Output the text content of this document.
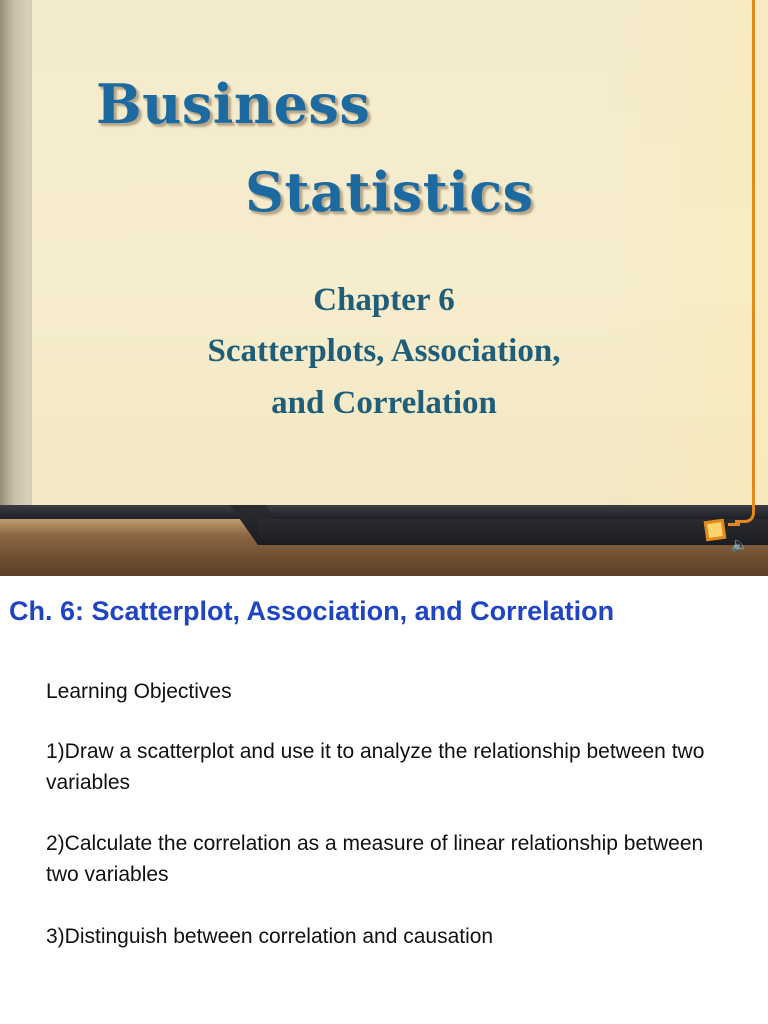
🔈
Business
Statistics
Chapter 6
Scatterplots, Association,
and Correlation
Ch. 6: Scatterplot, Association, and Correlation

Learning Objectives

1)Draw a scatterplot and use it to analyze the relationship between two variables

2)Calculate the correlation as a measure of linear relationship between two variables

3)Distinguish between correlation and causation
